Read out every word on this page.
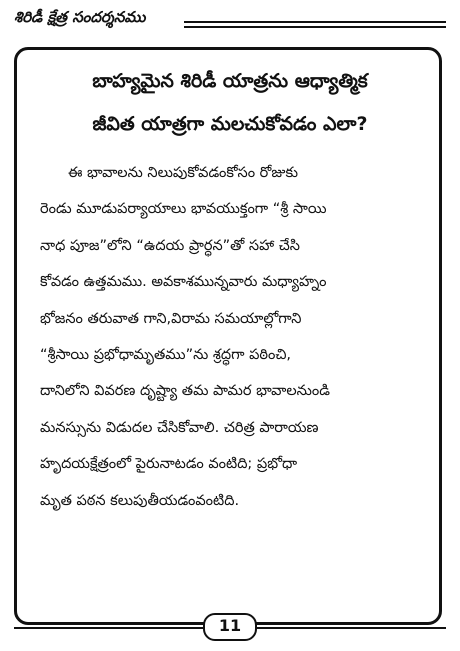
శిరిడీ క్షేత్ర సందర్శనము
బాహ్యమైన శిరిడీ యాత్రను ఆధ్యాత్మిక
జీవిత యాత్రగా మలచుకోవడం ఎలా?
ఈ భావాలను నిలుపుకోవడంకోసం రోజుకు
రెండు మూడుపర్యాయాలు భావయుక్తంగా “శ్రీ సాయి
నాధ పూజ”లోని “ఉదయ ప్రార్ధన”తో సహా చేసి
కోవడం ఉత్తమము. అవకాశమున్నవారు మధ్యాహ్నం
భోజనం తరువాత గాని,విరామ సమయాల్లోగాని
“శ్రీసాయి ప్రభోధామృతము”ను శ్రద్ధగా పఠించి,
దానిలోని వివరణ దృష్ట్యా తమ పామర భావాలనుండి
మనస్సును విడుదల చేసికోవాలి. చరిత్ర పారాయణ
హృదయక్షేత్రంలో పైరునాటడం వంటిది; ప్రభోధా
మృత పఠన కలుపుతీయడంవంటిది.
11
